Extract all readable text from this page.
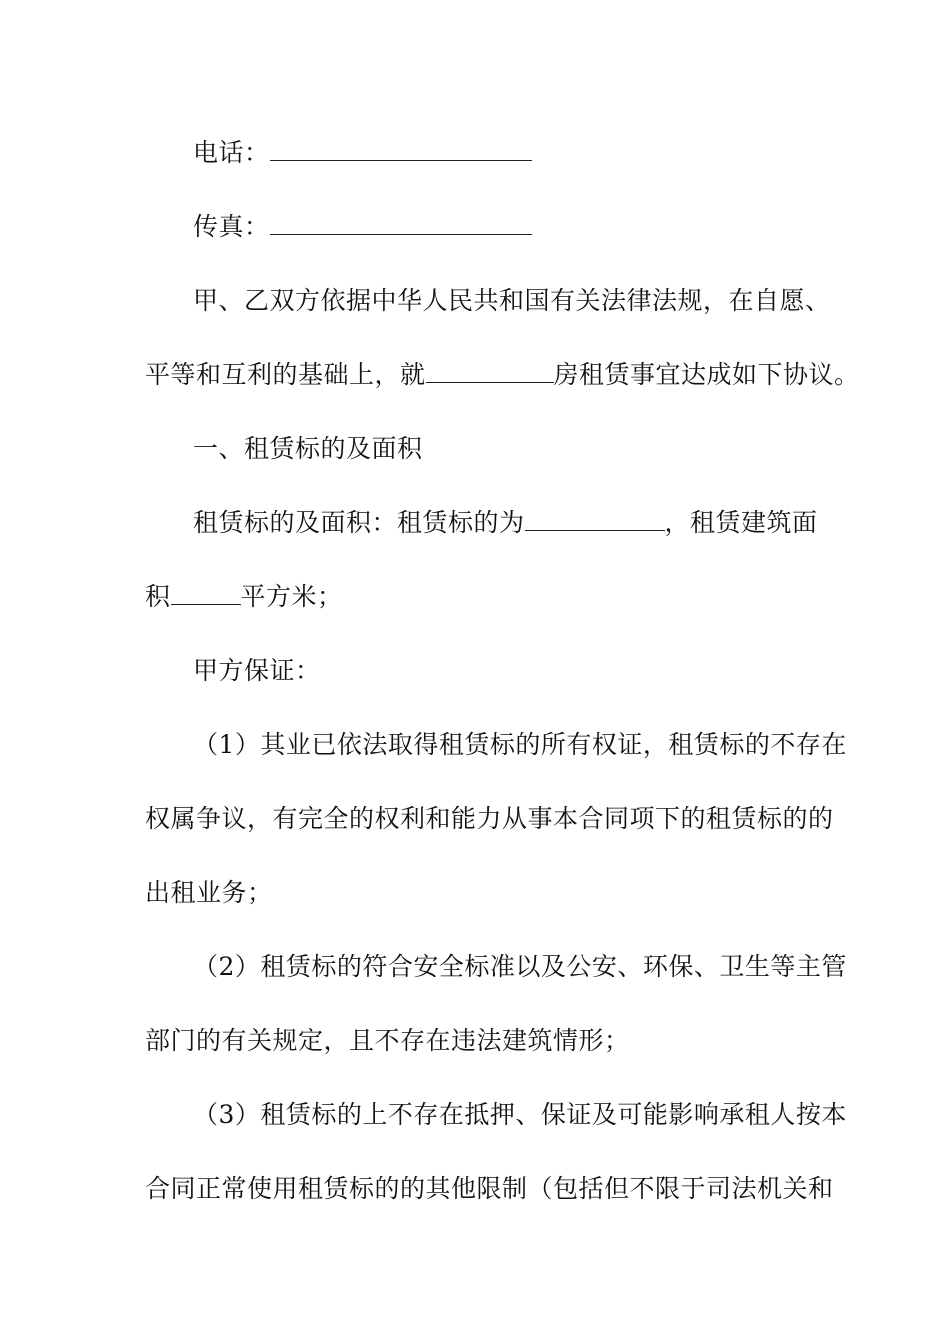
电话：
传真：
甲、乙双方依据中华人民共和国有关法律法规，在自愿、
平等和互利的基础上，就	房租赁事宜达成如下协议。
一、租赁标的及面积
租赁标的及面积：租赁标的为	，租赁建筑面
积	平方米；
甲方保证：
（1）其业已依法取得租赁标的所有权证，租赁标的不存在
权属争议，有完全的权利和能力从事本合同项下的租赁标的的
出租业务；
（2）租赁标的符合安全标准以及公安、环保、卫生等主管
部门的有关规定，且不存在违法建筑情形；
（3）租赁标的上不存在抵押、保证及可能影响承租人按本
合同正常使用租赁标的的其他限制（包括但不限于司法机关和
